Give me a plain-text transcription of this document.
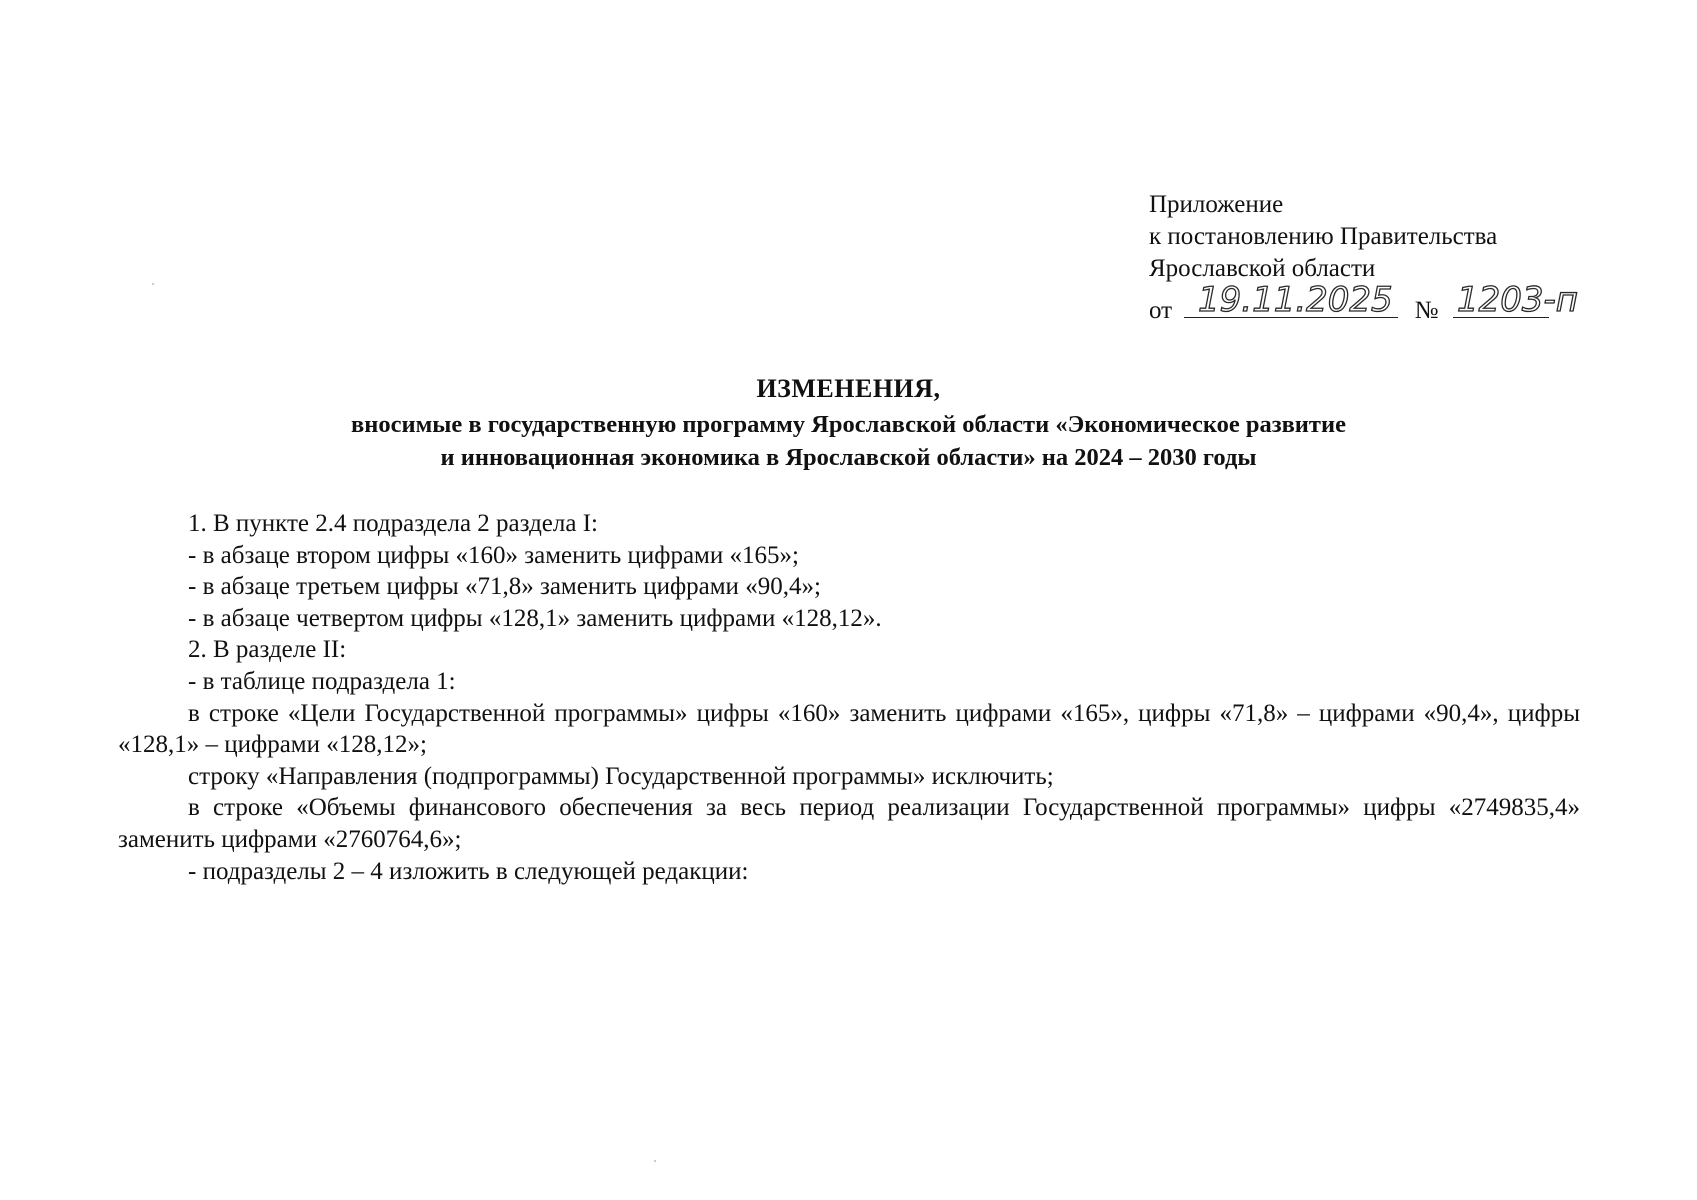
Приложение
к постановлению Правительства
Ярославской области
от 19.11.2025 № 1203-п
ИЗМЕНЕНИЯ,
вносимые в государственную программу Ярославской области «Экономическое развитие
и инновационная экономика в Ярославской области» на 2024 – 2030 годы

1. В пункте 2.4 подраздела 2 раздела I:

- в абзаце втором цифры «160» заменить цифрами «165»;

- в абзаце третьем цифры «71,8» заменить цифрами «90,4»;

- в абзаце четвертом цифры «128,1» заменить цифрами «128,12».

2. В разделе II:

- в таблице подраздела 1:

в строке «Цели Государственной программы» цифры «160» заменить цифрами «165», цифры «71,8» – цифрами «90,4», цифры «128,1» – цифрами «128,12»;

строку «Направления (подпрограммы) Государственной программы» исключить;

в строке «Объемы финансового обеспечения за весь период реализации Государственной программы» цифры «2749835,4» заменить цифрами «2760764,6»;

- подразделы 2 – 4 изложить в следующей редакции:
